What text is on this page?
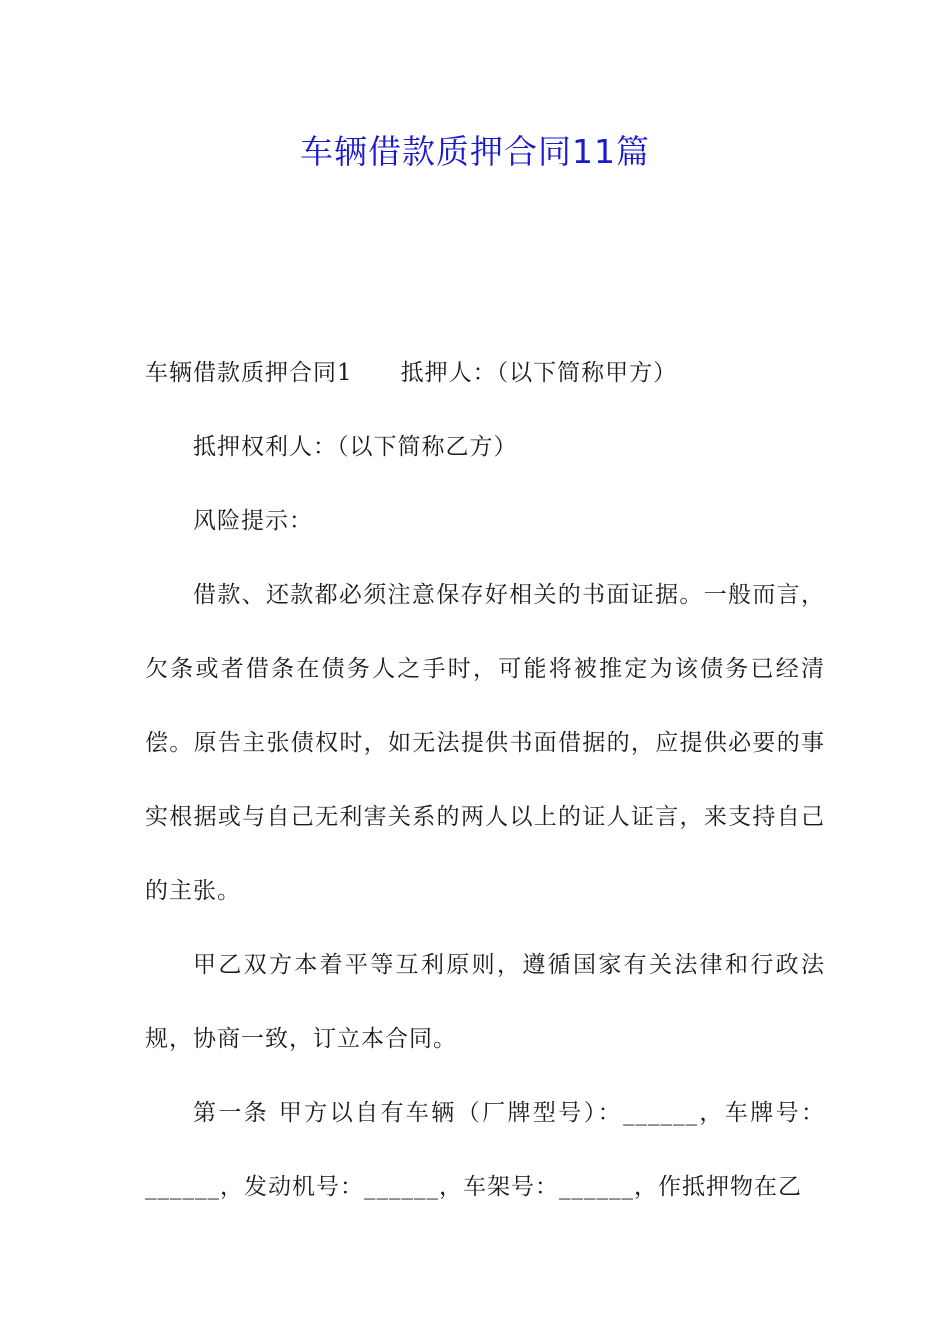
车辆借款质押合同11篇

车辆借款质押合同1 抵押人：（以下简称甲方）

抵押权利人：（以下简称乙方）

风险提示：

借款、还款都必须注意保存好相关的书面证据。一般而言，欠条或者借条在债务人之手时，可能将被推定为该债务已经清偿。原告主张债权时，如无法提供书面借据的，应提供必要的事实根据或与自己无利害关系的两人以上的证人证言，来支持自己的主张。

甲乙双方本着平等互利原则，遵循国家有关法律和行政法规，协商一致，订立本合同。

第一条 甲方以自有车辆（厂牌型号）：______，车牌号：______，发动机号：______，车架号：______，作抵押物在乙
